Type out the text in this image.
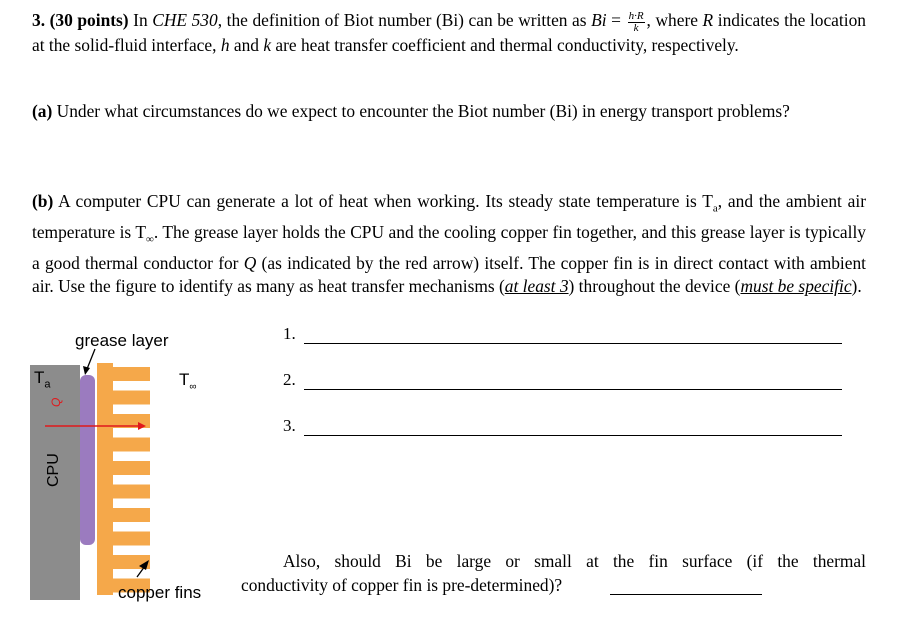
3. (30 points) In CHE 530, the definition of Biot number (Bi) can be written as $Bi = \frac{h\cdot R}{k}$ , where R indicates the location at the solid-fluid interface, h and k are heat transfer coefficient and thermal conductivity, respectively.
(a) Under what circumstances do we expect to encounter the Biot number (Bi) in energy transport problems?
(b) A computer CPU can generate a lot of heat when working. Its steady state temperature is $T_a$, and the ambient air temperature is $T_\infty$. The grease layer holds the CPU and the cooling copper fin together, and this grease layer is typically a good thermal conductor for Q (as indicated by the red arrow) itself. The copper fin is in direct contact with ambient air. Use the figure to identify as many as heat transfer mechanisms (at least 3) throughout the device (must be specific).
grease layer
$T_a$	$T_\infty$
Q
CPU
copper fins
1.
2.
3.
Also, should Bi be large or small at the fin surface (if the thermal
conductivity of copper fin is pre-determined)?
